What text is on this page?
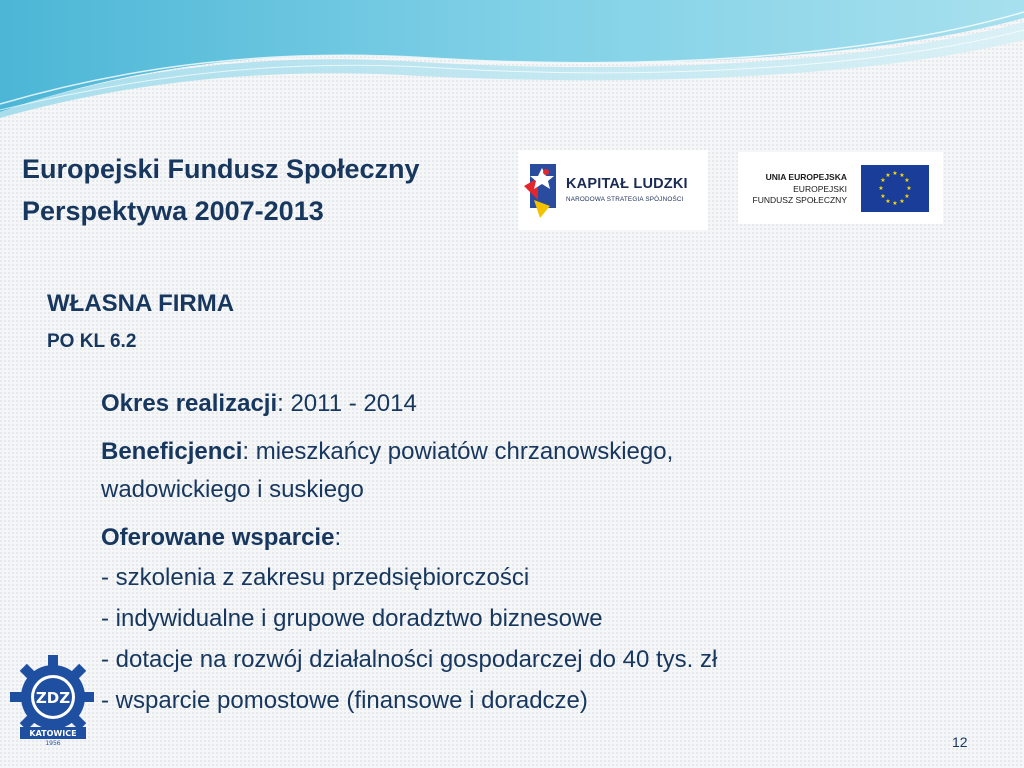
Europejski Fundusz Społeczny
Perspektywa 2007-2013
KAPITAŁ LUDZKI
NARODOWA STRATEGIA SPÓJNOŚCI
UNIA EUROPEJSKA
EUROPEJSKI
FUNDUSZ SPOŁECZNY
★ ★
★
★
★
★
★
★
★
★
★
★
WŁASNA FIRMA
PO KL 6.2

Okres realizacji: 2011 - 2014

Beneficjenci: mieszkańcy powiatów chrzanowskiego,
wadowickiego i suskiego

Oferowane wsparcie:

- szkolenia z zakresu przedsiębiorczości

- indywidualne i grupowe doradztwo biznesowe

- dotacje na rozwój działalności gospodarczej do 40 tys. zł

- wsparcie pomostowe (finansowe i doradcze)

ZDZ
KATOWICE
1956	12
